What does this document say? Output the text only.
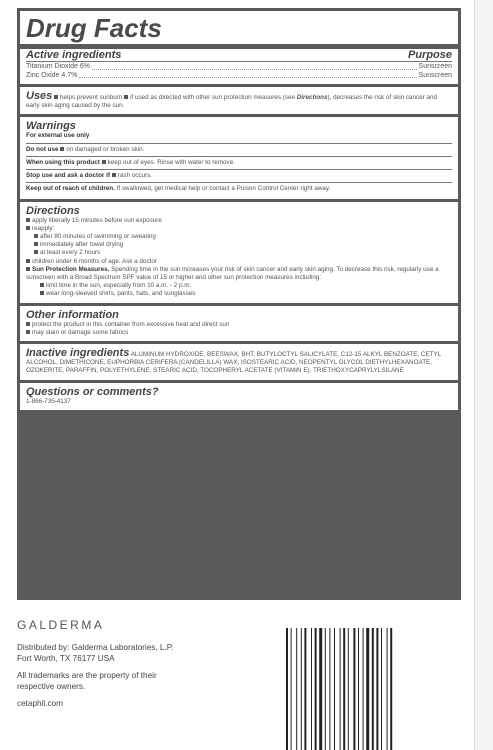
Drug Facts
Active ingredients	Purpose
Titanium Dioxide 6%	Sunscreen
Zinc Oxide 4.7%	Sunscreen
Uses helps prevent sunburn if used as directed with other sun protection measures (see Directions), decreases the risk of skin cancer and early skin aging caused by the sun.
Warnings
For external use only
Do not use on damaged or broken skin.
When using this product keep out of eyes. Rinse with water to remove.
Stop use and ask a doctor if rash occurs.
Keep out of reach of children. If swallowed, get medical help or contact a Poison Control Center right away.
Directions
apply liberally 15 minutes before sun exposure
reapply:
after 80 minutes of swimming or sweating
immediately after towel drying
at least every 2 hours
children under 6 months of age: Ask a doctor
Sun Protection Measures. Spending time in the sun increases your risk of skin cancer and early skin aging. To decrease this risk, regularly use a sunscreen with a Broad Spectrum SPF value of 15 or higher and other sun protection measures including:
limit time in the sun, especially from 10 a.m. - 2 p.m.
wear long-sleeved shirts, pants, hats, and sunglasses
Other information
protect the product in this container from excessive heat and direct sun
may stain or damage some fabrics
Inactive ingredients ALUMINUM HYDROXIDE, BEESWAX, BHT, BUTYLOCTYL SALICYLATE, C12-15 ALKYL BENZOATE, CETYL ALCOHOL, DIMETHICONE, EUPHORBIA CERIFERA (CANDELILLA) WAX, ISOSTEARIC ACID, NEOPENTYL GLYCOL DIETHYLHEXANOATE, OZOKERITE, PARAFFIN, POLYETHYLENE, STEARIC ACID, TOCOPHERYL ACETATE (VITAMIN E), TRIETHOXYCAPRYLYLSILANE
Questions or comments?
1-866-735-4137
GALDERMA
Distributed by: Galderma Laboratories, L.P.
Fort Worth, TX 76177 USA
All trademarks are the property of their
respective owners.
cetaphil.com
